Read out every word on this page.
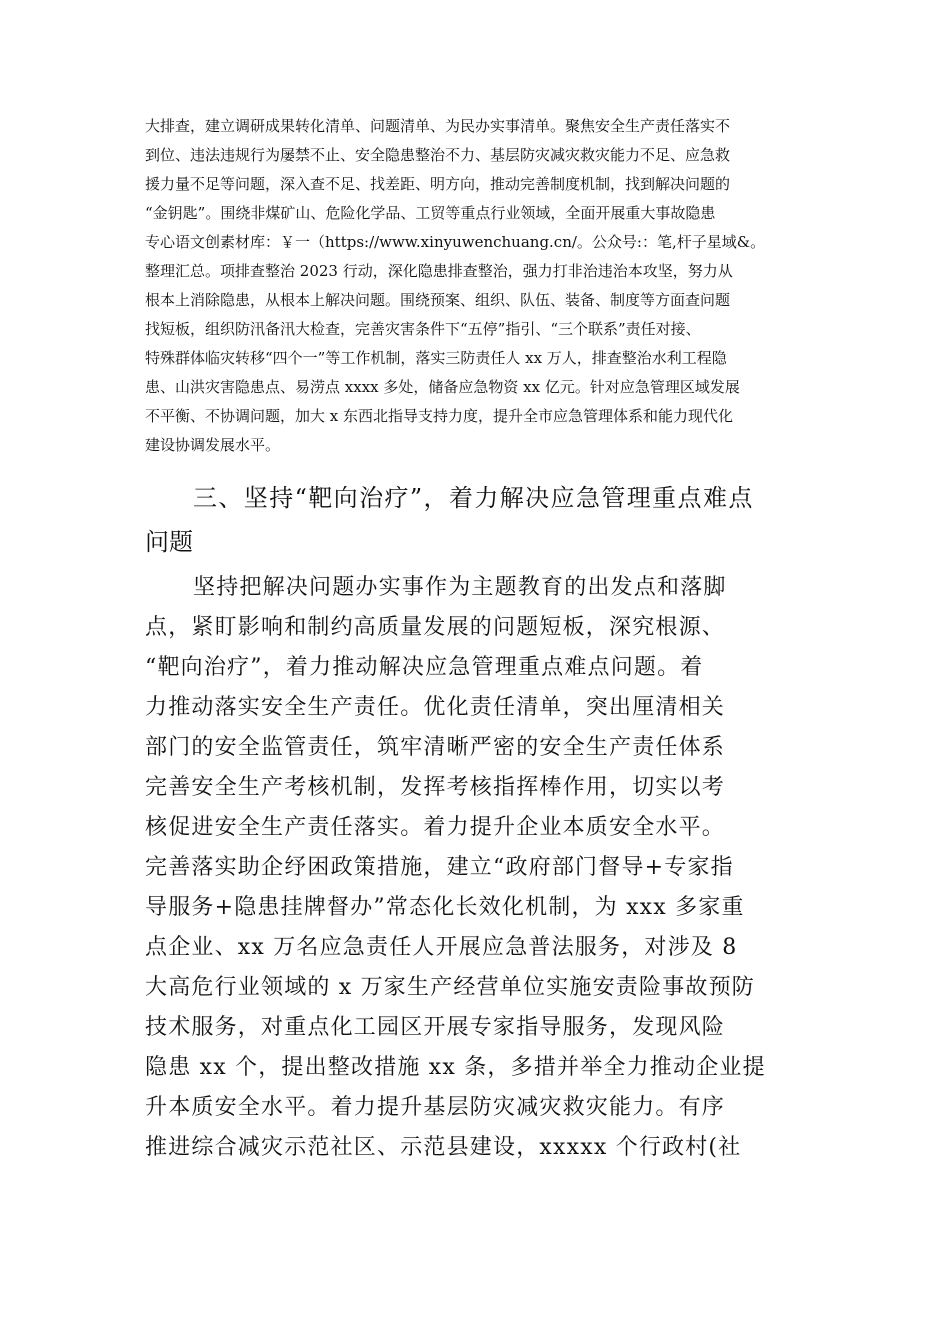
大排查，建立调研成果转化清单、问题清单、为民办实事清单。聚焦安全生产责任落实不
到位、违法违规行为屡禁不止、安全隐患整治不力、基层防灾减灾救灾能力不足、应急救
援力量不足等问题，深入查不足、找差距、明方向，推动完善制度机制，找到解决问题的
“金钥匙”。围绕非煤矿山、危险化学品、工贸等重点行业领域，全面开展重大事故隐患
专心语文创素材库：￥一（https://www.xinyuwenchuang.cn/。公众号:：笔,杆子星域&。
整理汇总。项排查整治 2023 行动，深化隐患排查整治，强力打非治违治本攻坚，努力从
根本上消除隐患，从根本上解决问题。围绕预案、组织、队伍、装备、制度等方面查问题
找短板，组织防汛备汛大检查，完善灾害条件下“五停”指引、“三个联系”责任对接、
特殊群体临灾转移“四个一”等工作机制，落实三防责任人 xx 万人，排查整治水利工程隐
患、山洪灾害隐患点、易涝点 xxxx 多处，储备应急物资 xx 亿元。针对应急管理区域发展
不平衡、不协调问题，加大 x 东西北指导支持力度，提升全市应急管理体系和能力现代化
建设协调发展水平。
三、坚持“靶向治疗”，着力解决应急管理重点难点
问题
坚持把解决问题办实事作为主题教育的出发点和落脚
点，紧盯影响和制约高质量发展的问题短板，深究根源、
“靶向治疗”，着力推动解决应急管理重点难点问题。着
力推动落实安全生产责任。优化责任清单，突出厘清相关
部门的安全监管责任，筑牢清晰严密的安全生产责任体系
完善安全生产考核机制，发挥考核指挥棒作用，切实以考
核促进安全生产责任落实。着力提升企业本质安全水平。
完善落实助企纾困政策措施，建立“政府部门督导+专家指
导服务+隐患挂牌督办”常态化长效化机制，为 xxx 多家重
点企业、xx 万名应急责任人开展应急普法服务，对涉及 8
大高危行业领域的 x 万家生产经营单位实施安责险事故预防
技术服务，对重点化工园区开展专家指导服务，发现风险
隐患 xx 个，提出整改措施 xx 条，多措并举全力推动企业提
升本质安全水平。着力提升基层防灾减灾救灾能力。有序
推进综合减灾示范社区、示范县建设，xxxxx 个行政村(社
